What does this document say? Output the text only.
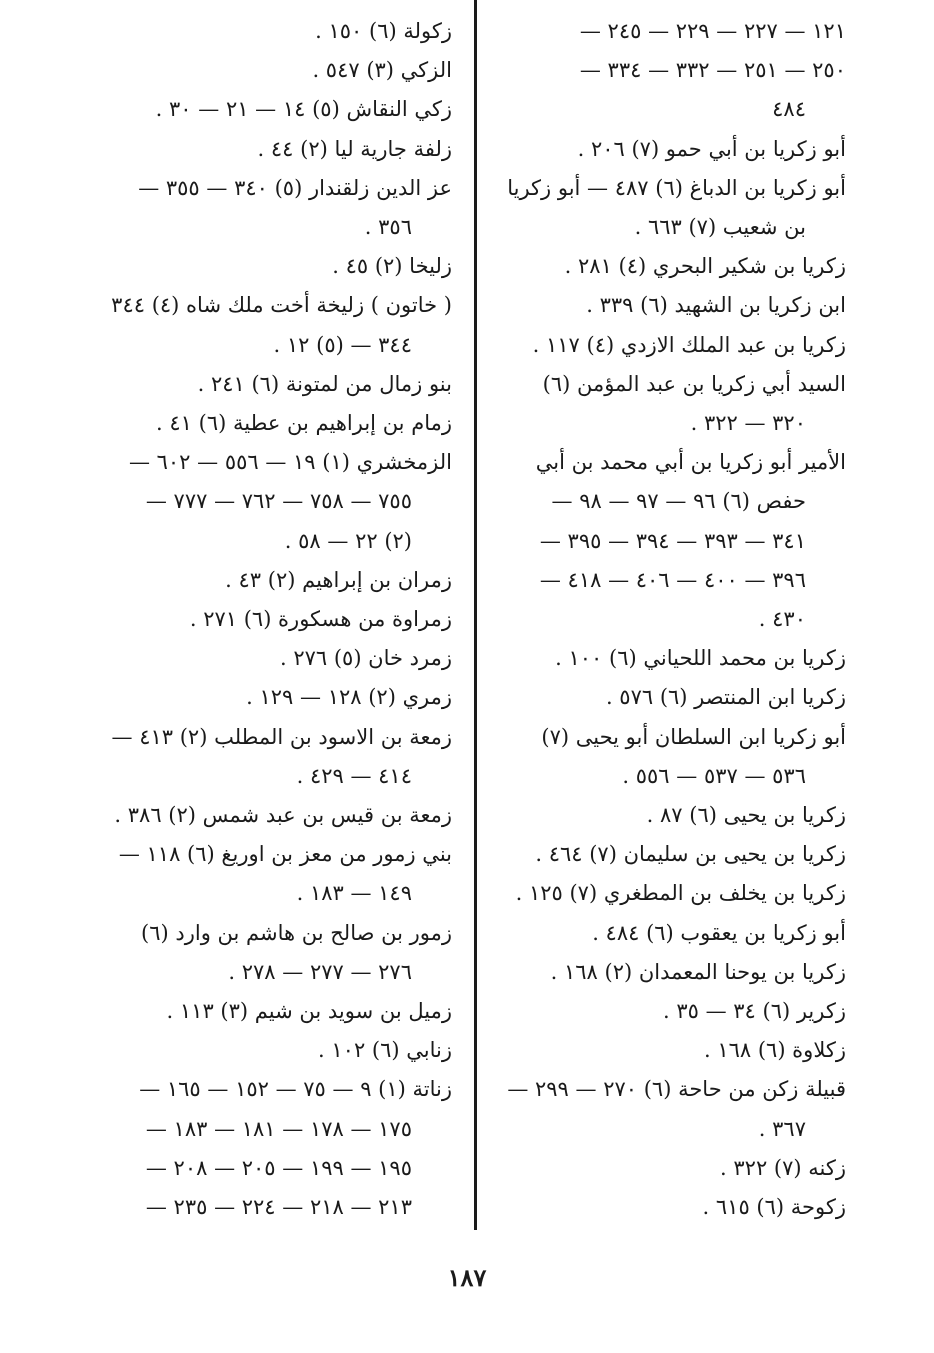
١٢١ — ٢٢٧ — ٢٢٩ — ٢٤٥ —
٢٥٠ — ٢٥١ — ٣٣٢ — ٣٣٤ —
٤٨٤
أبو زكريا بن أبي حمو (٧) ٢٠٦ .
أبو زكريا بن الدباغ (٦) ٤٨٧ — أبو زكريا
بن شعيب (٧) ٦٦٣ .
زكريا بن شكير البحري (٤) ٢٨١ .
ابن زكريا بن الشهيد (٦) ٣٣٩ .
زكريا بن عبد الملك الازدي (٤) ١١٧ .
السيد أبي زكريا بن عبد المؤمن (٦)
٣٢٠ — ٣٢٢ .
الأمير أبو زكريا بن أبي محمد بن أبي
حفص (٦) ٩٦ — ٩٧ — ٩٨ —
٣٤١ — ٣٩٣ — ٣٩٤ — ٣٩٥ —
٣٩٦ — ٤٠٠ — ٤٠٦ — ٤١٨ —
٤٣٠ .
زكريا بن محمد اللحياني (٦) ١٠٠ .
زكريا ابن المنتصر (٦) ٥٧٦ .
أبو زكريا ابن السلطان أبو يحيى (٧)
٥٣٦ — ٥٣٧ — ٥٥٦ .
زكريا بن يحيى (٦) ٨٧ .
زكريا بن يحيى بن سليمان (٧) ٤٦٤ .
زكريا بن يخلف بن المطغري (٧) ١٢٥ .
أبو زكريا بن يعقوب (٦) ٤٨٤ .
زكريا بن يوحنا المعمدان (٢) ١٦٨ .
زكرير (٦) ٣٤ — ٣٥ .
زكلاوة (٦) ١٦٨ .
قبيلة زكن من حاحة (٦) ٢٧٠ — ٢٩٩ —
٣٦٧ .
زكنه (٧) ٣٢٢ .
زكوحة (٦) ٦١٥ .
زكولة (٦) ١٥٠ .
الزكي (٣) ٥٤٧ .
زكي النقاش (٥) ١٤ — ٢١ — ٣٠ .
زلفة جارية ليا (٢) ٤٤ .
عز الدين زلقندار (٥) ٣٤٠ — ٣٥٥ —
٣٥٦ .
زليخا (٢) ٤٥ .
( خاتون ) زليخة أخت ملك شاه (٤) ٣٤٤
٣٤٤ — (٥) ١٢ .
بنو زمال من لمتونة (٦) ٢٤١ .
زمام بن إبراهيم بن عطية (٦) ٤١ .
الزمخشري (١) ١٩ — ٥٥٦ — ٦٠٢ —
٧٥٥ — ٧٥٨ — ٧٦٢ — ٧٧٧ —
(٢) ٢٢ — ٥٨ .
زمران بن إبراهيم (٢) ٤٣ .
زمراوة من هسكورة (٦) ٢٧١ .
زمرد خان (٥) ٢٧٦ .
زمري (٢) ١٢٨ — ١٢٩ .
زمعة بن الاسود بن المطلب (٢) ٤١٣ —
٤١٤ — ٤٢٩ .
زمعة بن قيس بن عبد شمس (٢) ٣٨٦ .
بني زمور من معز بن اوريغ (٦) ١١٨ —
١٤٩ — ١٨٣ .
زمور بن صالح بن هاشم بن وارد (٦)
٢٧٦ — ٢٧٧ — ٢٧٨ .
زميل بن سويد بن شيم (٣) ١١٣ .
زنابي (٦) ١٠٢ .
زناتة (١) ٩ — ٧٥ — ١٥٢ — ١٦٥ —
١٧٥ — ١٧٨ — ١٨١ — ١٨٣ —
١٩٥ — ١٩٩ — ٢٠٥ — ٢٠٨ —
٢١٣ — ٢١٨ — ٢٢٤ — ٢٣٥ —
١٨٧
